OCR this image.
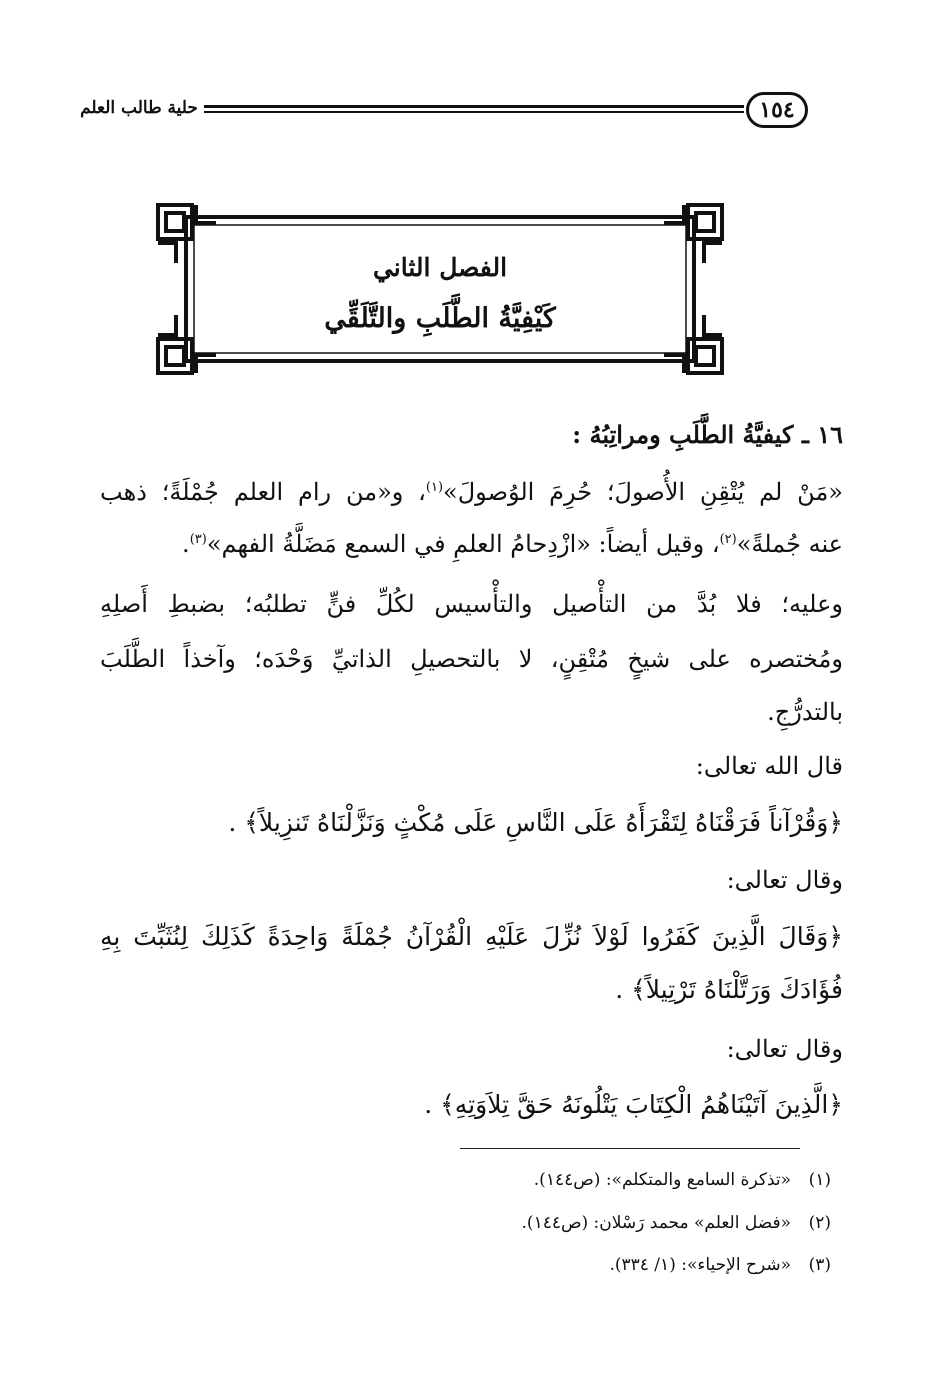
حلية طالب العلم	١٥٤
الفصل الثاني
كَيْفِيَّةُ الطَّلَبِ والتَّلَقِّي
١٦ ـ كيفيَّةُ الطَّلَبِ ومراتِبُهُ :
«مَنْ لم يُتْقِنِ الأُصولَ؛ حُرِمَ الوُصولَ»$^{(١)}$، و«من رام العلم جُمْلَةً؛ ذهب
عنه جُملةً»$^{(٢)}$، وقيل أيضاً: «ازْدِحامُ العلمِ في السمع مَضَلَّةُ الفهم»$^{(٣)}$.
وعليه؛ فلا بُدَّ من التأْصيل والتأْسيس لكُلِّ فنٍّ تطلبُه؛ بضبطِ أَصلِهِ
ومُختصره على شيخٍ مُتْقِنٍ، لا بالتحصيلِ الذاتيِّ وَحْدَه؛ وآخذاً الطَّلَبَ
بالتدرُّجِ.
قال الله تعالى:
﴿وَقُرْآناً فَرَقْنَاهُ لِتَقْرَأَهُ عَلَى النَّاسِ عَلَى مُكْثٍ وَنَزَّلْنَاهُ تَنزِيلاً﴾ .
وقال تعالى:
﴿وَقَالَ الَّذِينَ كَفَرُوا لَوْلاَ نُزِّلَ عَلَيْهِ الْقُرْآنُ جُمْلَةً وَاحِدَةً كَذَلِكَ لِنُثَبِّتَ بِهِ
فُؤَادَكَ وَرَتَّلْنَاهُ تَرْتِيلاً﴾ .
وقال تعالى:
﴿الَّذِينَ آتَيْنَاهُمُ الْكِتَابَ يَتْلُونَهُ حَقَّ تِلاَوَتِهِ﴾ .
(١)«تذكرة السامع والمتكلم»: (ص١٤٤).
(٢)«فضل العلم» محمد رَسْلان: (ص١٤٤).
(٣)«شرح الإحياء»: (١/ ٣٣٤).
